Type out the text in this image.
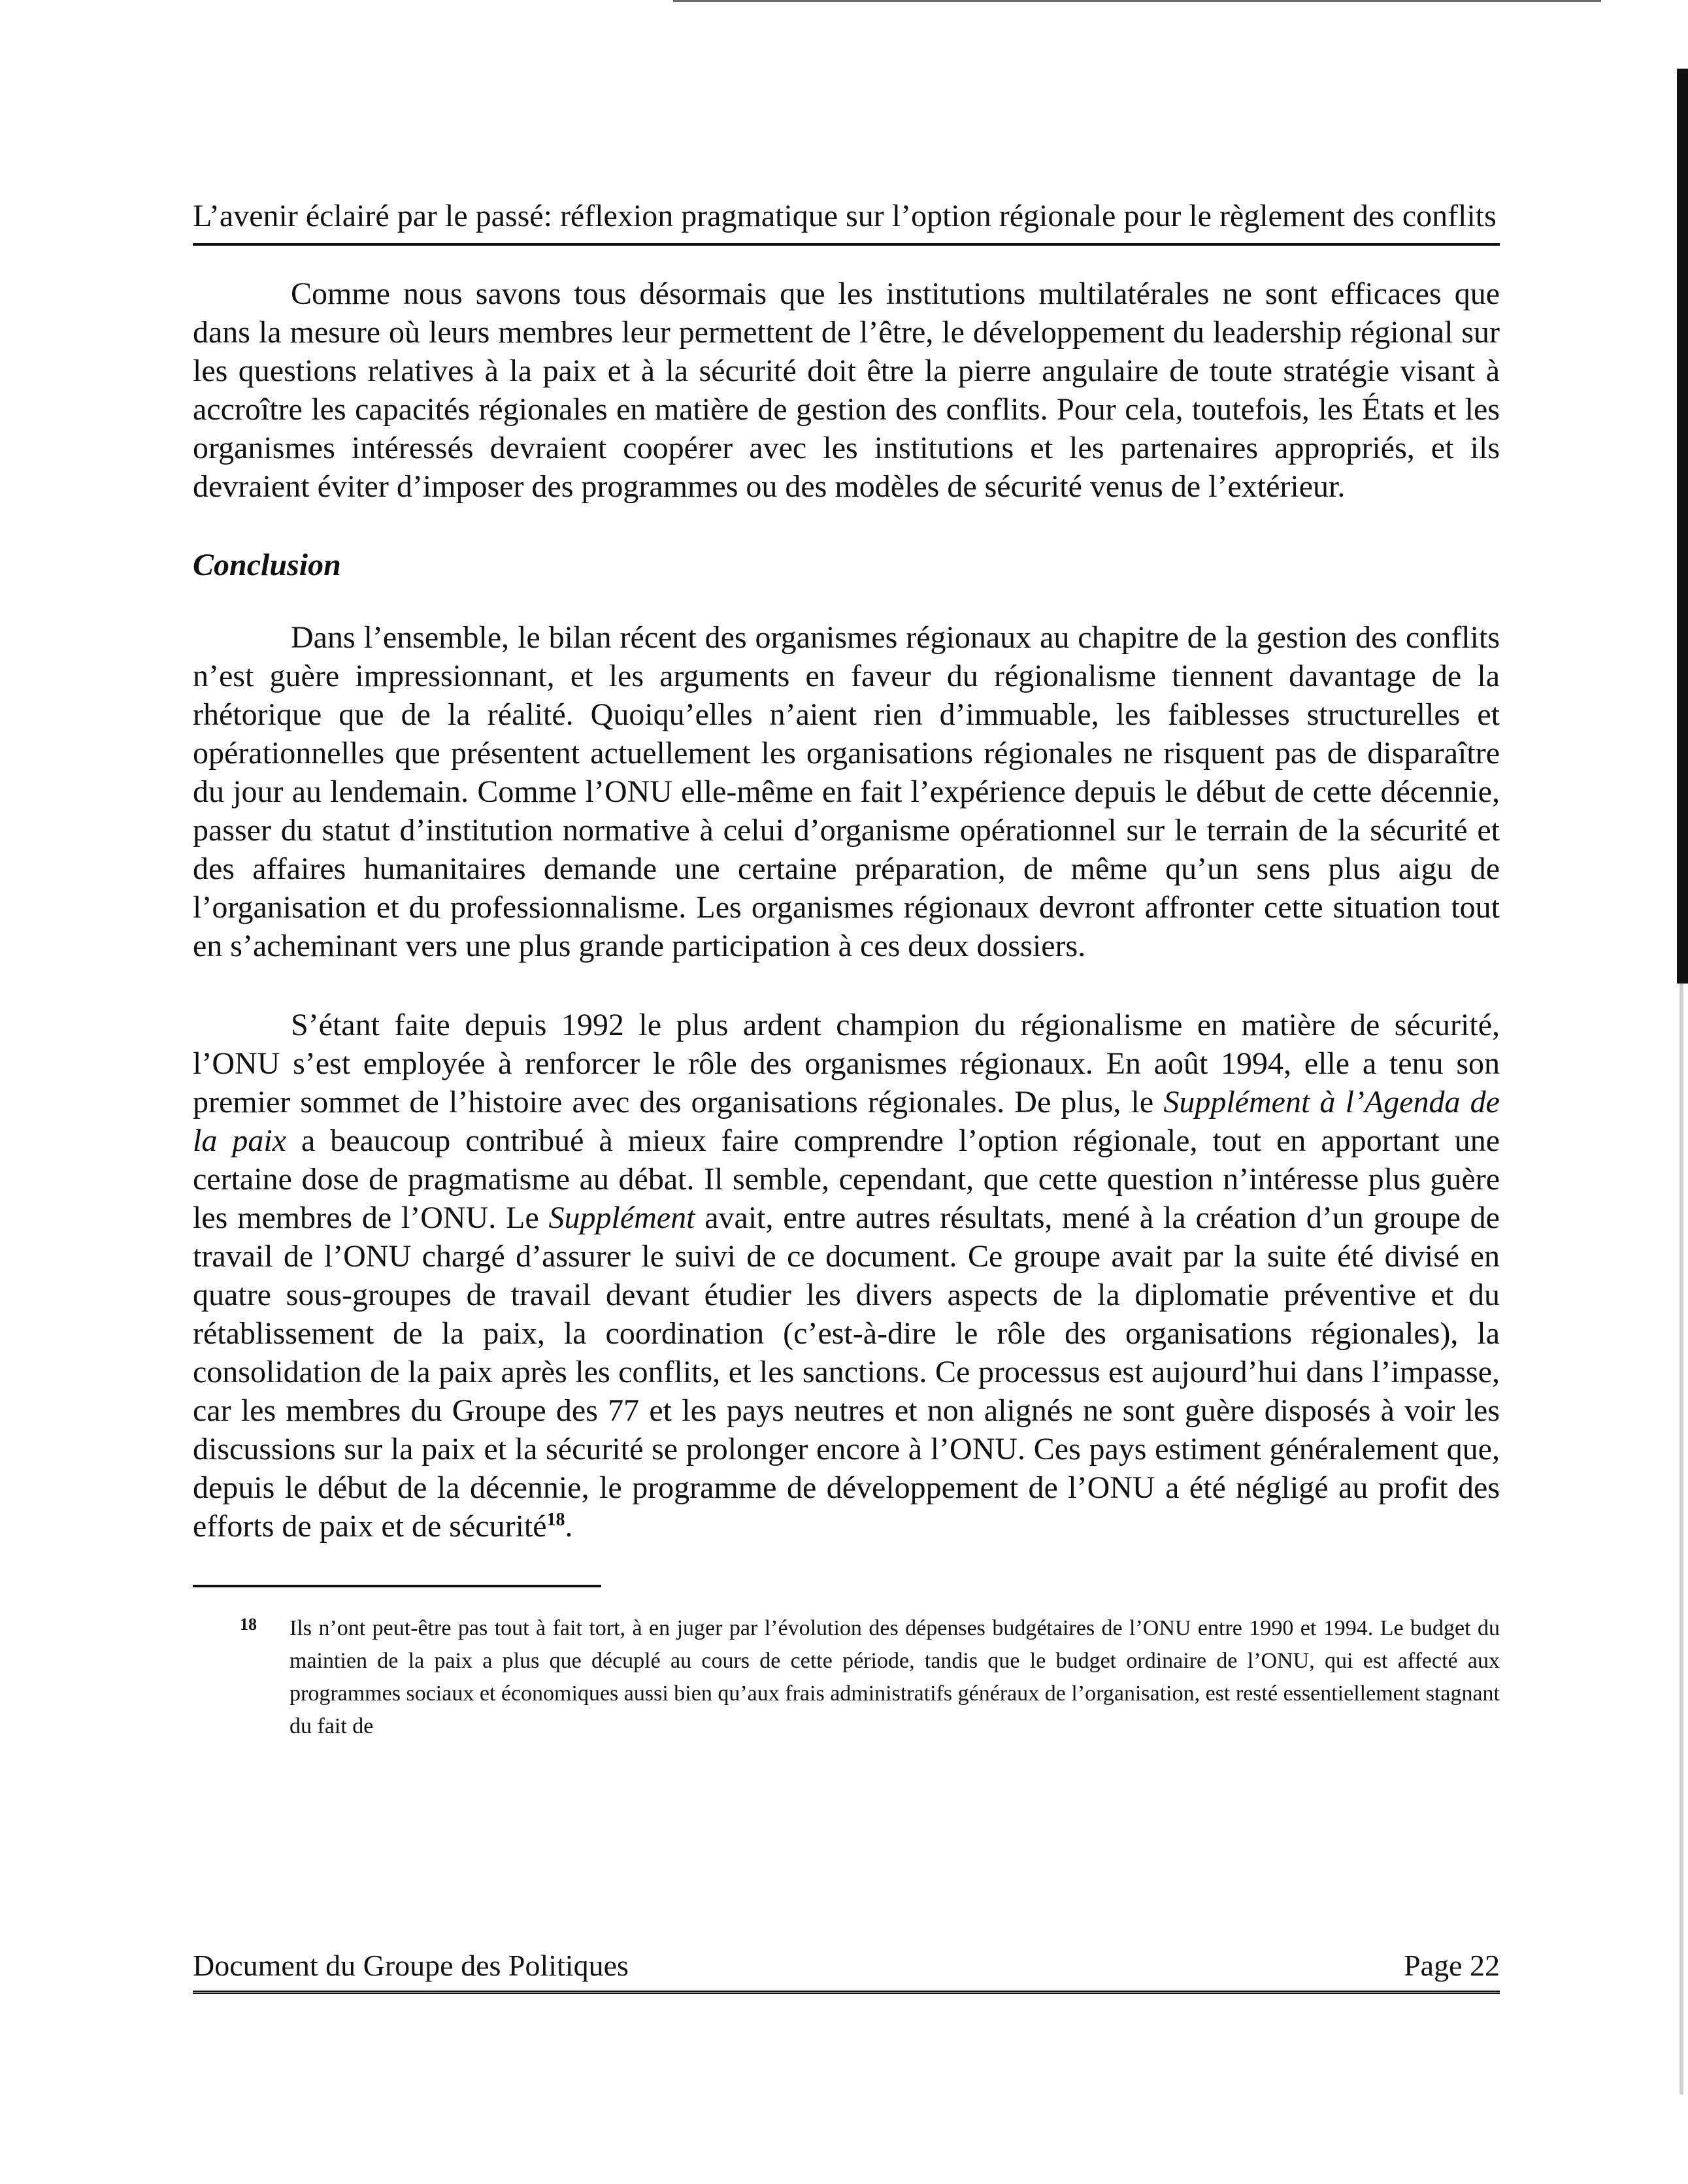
L’avenir éclairé par le passé: réflexion pragmatique sur l’option régionale pour le règlement des conflits

Comme nous savons tous désormais que les institutions multilatérales ne sont efficaces que dans la mesure où leurs membres leur permettent de l’être, le développement du leadership régional sur les questions relatives à la paix et à la sécurité doit être la pierre angulaire de toute stratégie visant à accroître les capacités régionales en matière de gestion des conflits. Pour cela, toutefois, les États et les organismes intéressés devraient coopérer avec les institutions et les partenaires appropriés, et ils devraient éviter d’imposer des programmes ou des modèles de sécurité venus de l’extérieur.

Conclusion

Dans l’ensemble, le bilan récent des organismes régionaux au chapitre de la gestion des conflits n’est guère impressionnant, et les arguments en faveur du régionalisme tiennent davantage de la rhétorique que de la réalité. Quoiqu’elles n’aient rien d’immuable, les faiblesses structurelles et opérationnelles que présentent actuellement les organisations régionales ne risquent pas de disparaître du jour au lendemain. Comme l’ONU elle-même en fait l’expérience depuis le début de cette décennie, passer du statut d’institution normative à celui d’organisme opérationnel sur le terrain de la sécurité et des affaires humanitaires demande une certaine préparation, de même qu’un sens plus aigu de l’organisation et du professionnalisme. Les organismes régionaux devront affronter cette situation tout en s’acheminant vers une plus grande participation à ces deux dossiers.

S’étant faite depuis 1992 le plus ardent champion du régionalisme en matière de sécurité, l’ONU s’est employée à renforcer le rôle des organismes régionaux. En août 1994, elle a tenu son premier sommet de l’histoire avec des organisations régionales. De plus, le Supplément à l’Agenda de la paix a beaucoup contribué à mieux faire comprendre l’option régionale, tout en apportant une certaine dose de pragmatisme au débat. Il semble, cependant, que cette question n’intéresse plus guère les membres de l’ONU. Le Supplément avait, entre autres résultats, mené à la création d’un groupe de travail de l’ONU chargé d’assurer le suivi de ce document. Ce groupe avait par la suite été divisé en quatre sous-groupes de travail devant étudier les divers aspects de la diplomatie préventive et du rétablissement de la paix, la coordination (c’est-à-dire le rôle des organisations régionales), la consolidation de la paix après les conflits, et les sanctions. Ce processus est aujourd’hui dans l’impasse, car les membres du Groupe des 77 et les pays neutres et non alignés ne sont guère disposés à voir les discussions sur la paix et la sécurité se prolonger encore à l’ONU. Ces pays estiment généralement que, depuis le début de la décennie, le programme de développement de l’ONU a été négligé au profit des efforts de paix et de sécurité$^{18}$.

18 Ils n’ont peut-être pas tout à fait tort, à en juger par l’évolution des dépenses budgétaires de l’ONU entre 1990 et 1994. Le budget du maintien de la paix a plus que décuplé au cours de cette période, tandis que le budget ordinaire de l’ONU, qui est affecté aux programmes sociaux et économiques aussi bien qu’aux frais administratifs généraux de l’organisation, est resté essentiellement stagnant du fait de
Document du Groupe des Politiques	Page 22
